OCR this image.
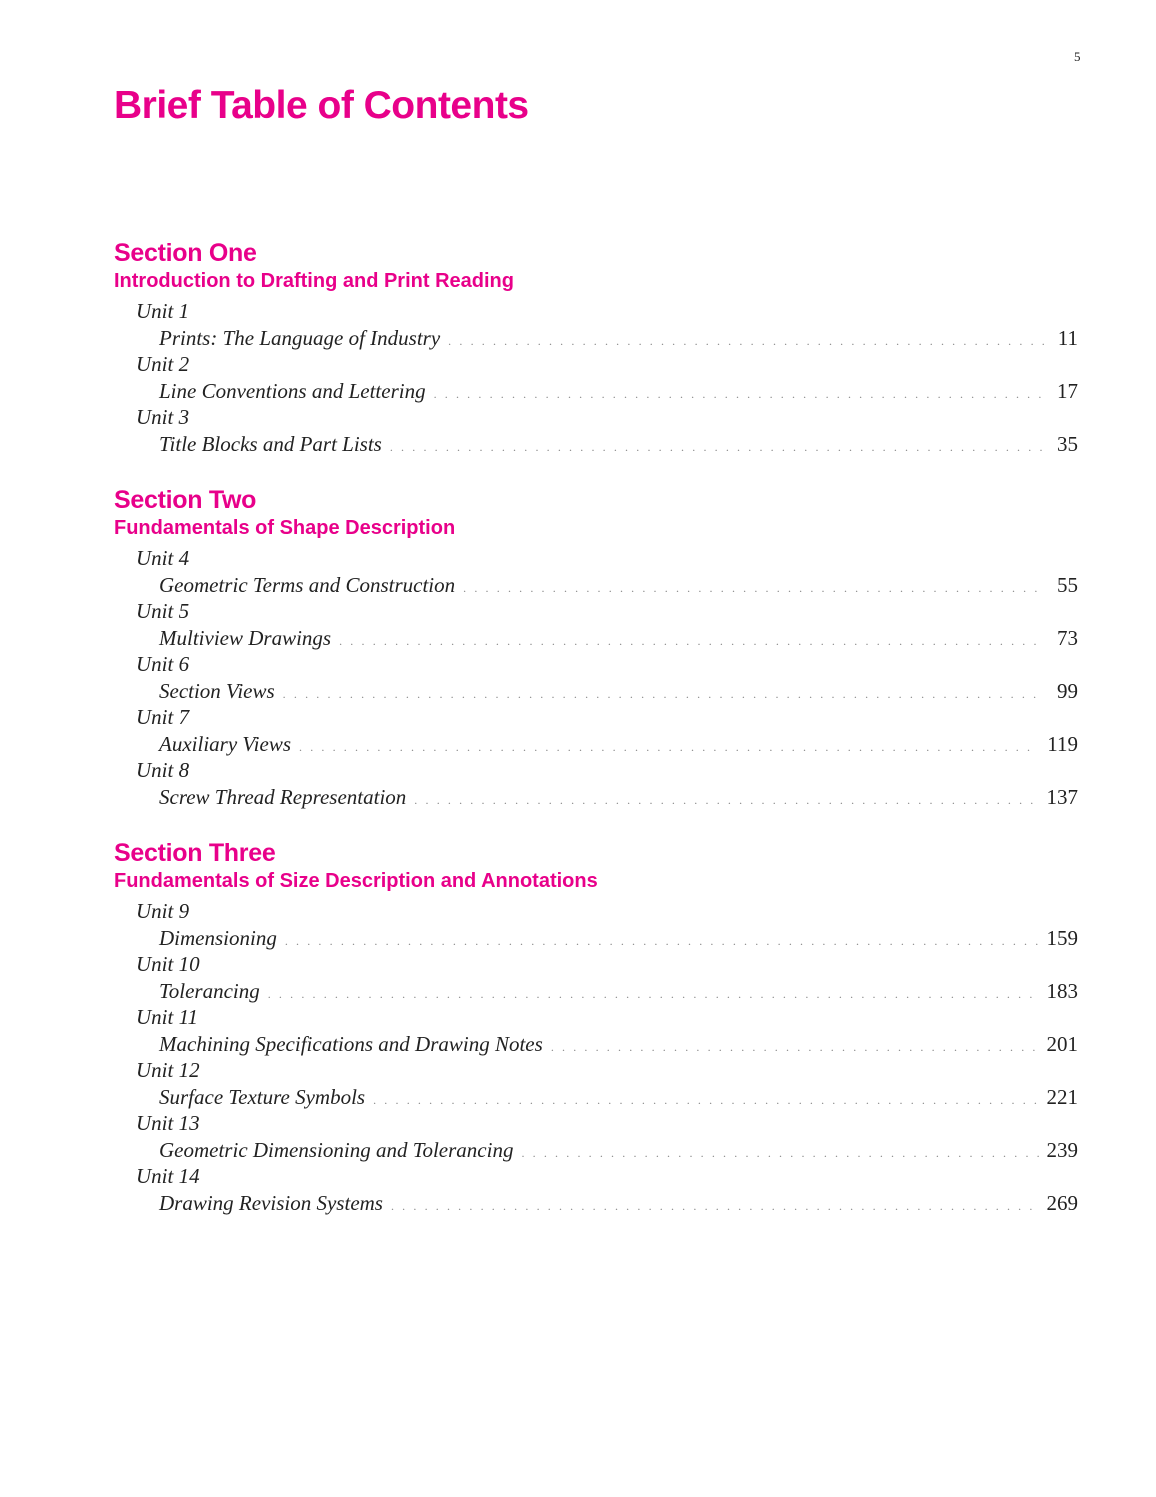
5
Brief Table of Contents
Section One
Introduction to Drafting and Print Reading
Unit 1
Prints: The Language of Industry . . .	11
Unit 2
Line Conventions and Lettering . . .	17
Unit 3
Title Blocks and Part Lists . . .	35
Section Two
Fundamentals of Shape Description
Unit 4
Geometric Terms and Construction . . .	55
Unit 5
Multiview Drawings . . .	73
Unit 6
Section Views . . .	99
Unit 7
Auxiliary Views . . .	119
Unit 8
Screw Thread Representation . . .	137
Section Three
Fundamentals of Size Description and Annotations
Unit 9
Dimensioning . . .	159
Unit 10
Tolerancing . . .	183
Unit 11
Machining Specifications and Drawing Notes . . .	201
Unit 12
Surface Texture Symbols . . .	221
Unit 13
Geometric Dimensioning and Tolerancing . . .	239
Unit 14
Drawing Revision Systems . . .	269
